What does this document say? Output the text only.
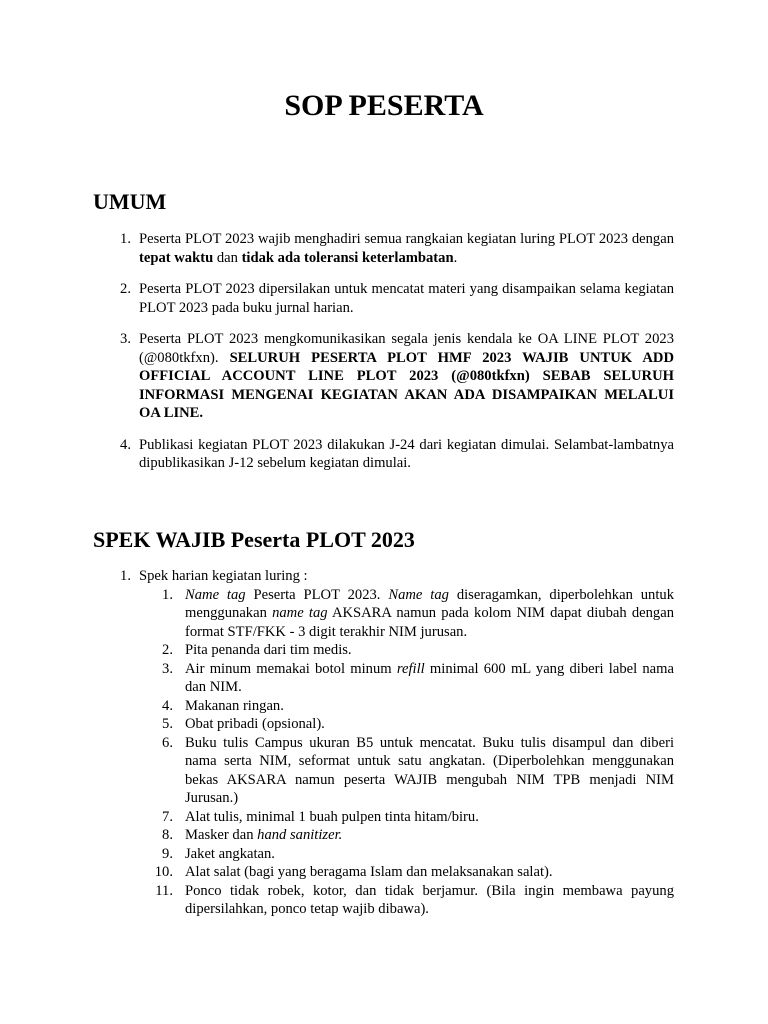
SOP PESERTA
UMUM
1. Peserta PLOT 2023 wajib menghadiri semua rangkaian kegiatan luring PLOT 2023 dengan tepat waktu dan tidak ada toleransi keterlambatan.
2. Peserta PLOT 2023 dipersilakan untuk mencatat materi yang disampaikan selama kegiatan PLOT 2023 pada buku jurnal harian.
3. Peserta PLOT 2023 mengkomunikasikan segala jenis kendala ke OA LINE PLOT 2023 (@080tkfxn). SELURUH PESERTA PLOT HMF 2023 WAJIB UNTUK ADD OFFICIAL ACCOUNT LINE PLOT 2023 (@080tkfxn) SEBAB SELURUH INFORMASI MENGENAI KEGIATAN AKAN ADA DISAMPAIKAN MELALUI OA LINE.
4. Publikasi kegiatan PLOT 2023 dilakukan J-24 dari kegiatan dimulai. Selambat-lambatnya dipublikasikan J-12 sebelum kegiatan dimulai.
SPEK WAJIB Peserta PLOT 2023
1. Spek harian kegiatan luring :
1. Name tag Peserta PLOT 2023. Name tag diseragamkan, diperbolehkan untuk menggunakan name tag AKSARA namun pada kolom NIM dapat diubah dengan format STF/FKK - 3 digit terakhir NIM jurusan.
2. Pita penanda dari tim medis.
3. Air minum memakai botol minum refill minimal 600 mL yang diberi label nama dan NIM.
4. Makanan ringan.
5. Obat pribadi (opsional).
6. Buku tulis Campus ukuran B5 untuk mencatat. Buku tulis disampul dan diberi nama serta NIM, seformat untuk satu angkatan. (Diperbolehkan menggunakan bekas AKSARA namun peserta WAJIB mengubah NIM TPB menjadi NIM Jurusan.)
7. Alat tulis, minimal 1 buah pulpen tinta hitam/biru.
8. Masker dan hand sanitizer.
9. Jaket angkatan.
10. Alat salat (bagi yang beragama Islam dan melaksanakan salat).
11. Ponco tidak robek, kotor, dan tidak berjamur. (Bila ingin membawa payung dipersilahkan, ponco tetap wajib dibawa).
